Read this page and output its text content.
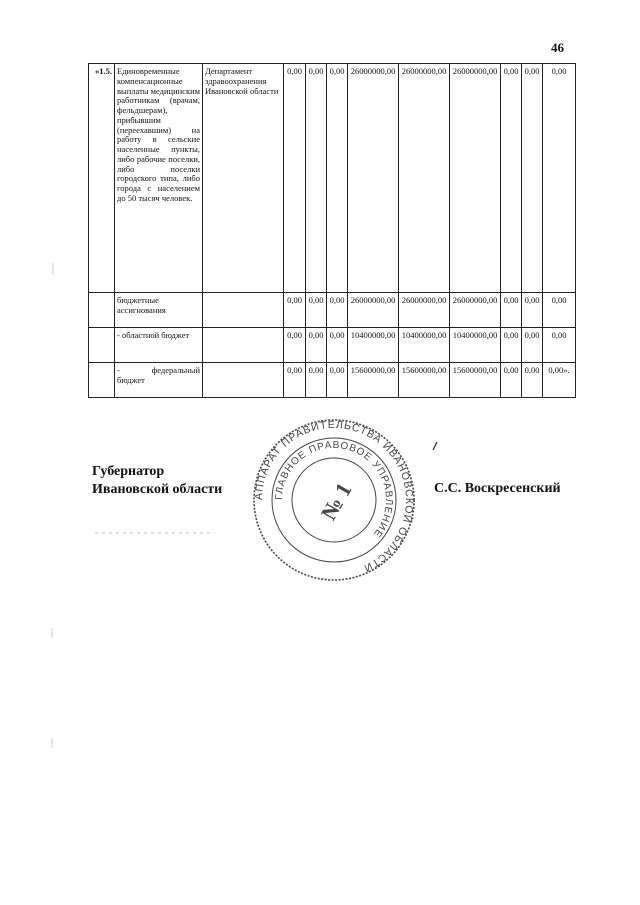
46
«1.5.	Единовременные компенсационные выплаты медицинским работникам (врачам, фельдшерам), прибывшим (переехавшим) на работу в сельские населенные пункты, либо рабочие поселки, либо поселки городского типа, либо города с населением до 50 тысяч человек.	Департамент здравоохранения Ивановской области	0,00	0,00	0,00	26000000,00	26000000,00	26000000,00	0,00	0,00	0,00
	бюджетные ассигнования		0,00	0,00	0,00	26000000,00	26000000,00	26000000,00	0,00	0,00	0,00
	- областной бюджет		0,00	0,00	0,00	10400000,00	10400000,00	10400000,00	0,00	0,00	0,00
	- федеральный бюджет		0,00	0,00	0,00	15600000,00	15600000,00	15600000,00	0,00	0,00	0,00».
Губернатор
Ивановской области	С.С. Воскресенский
АППАРАТ ПРАВИТЕЛЬСТВА ИВАНОВСКОЙ ОБЛАСТИ
ГЛАВНОЕ ПРАВОВОЕ УПРАВЛЕНИЕ
№ 1
